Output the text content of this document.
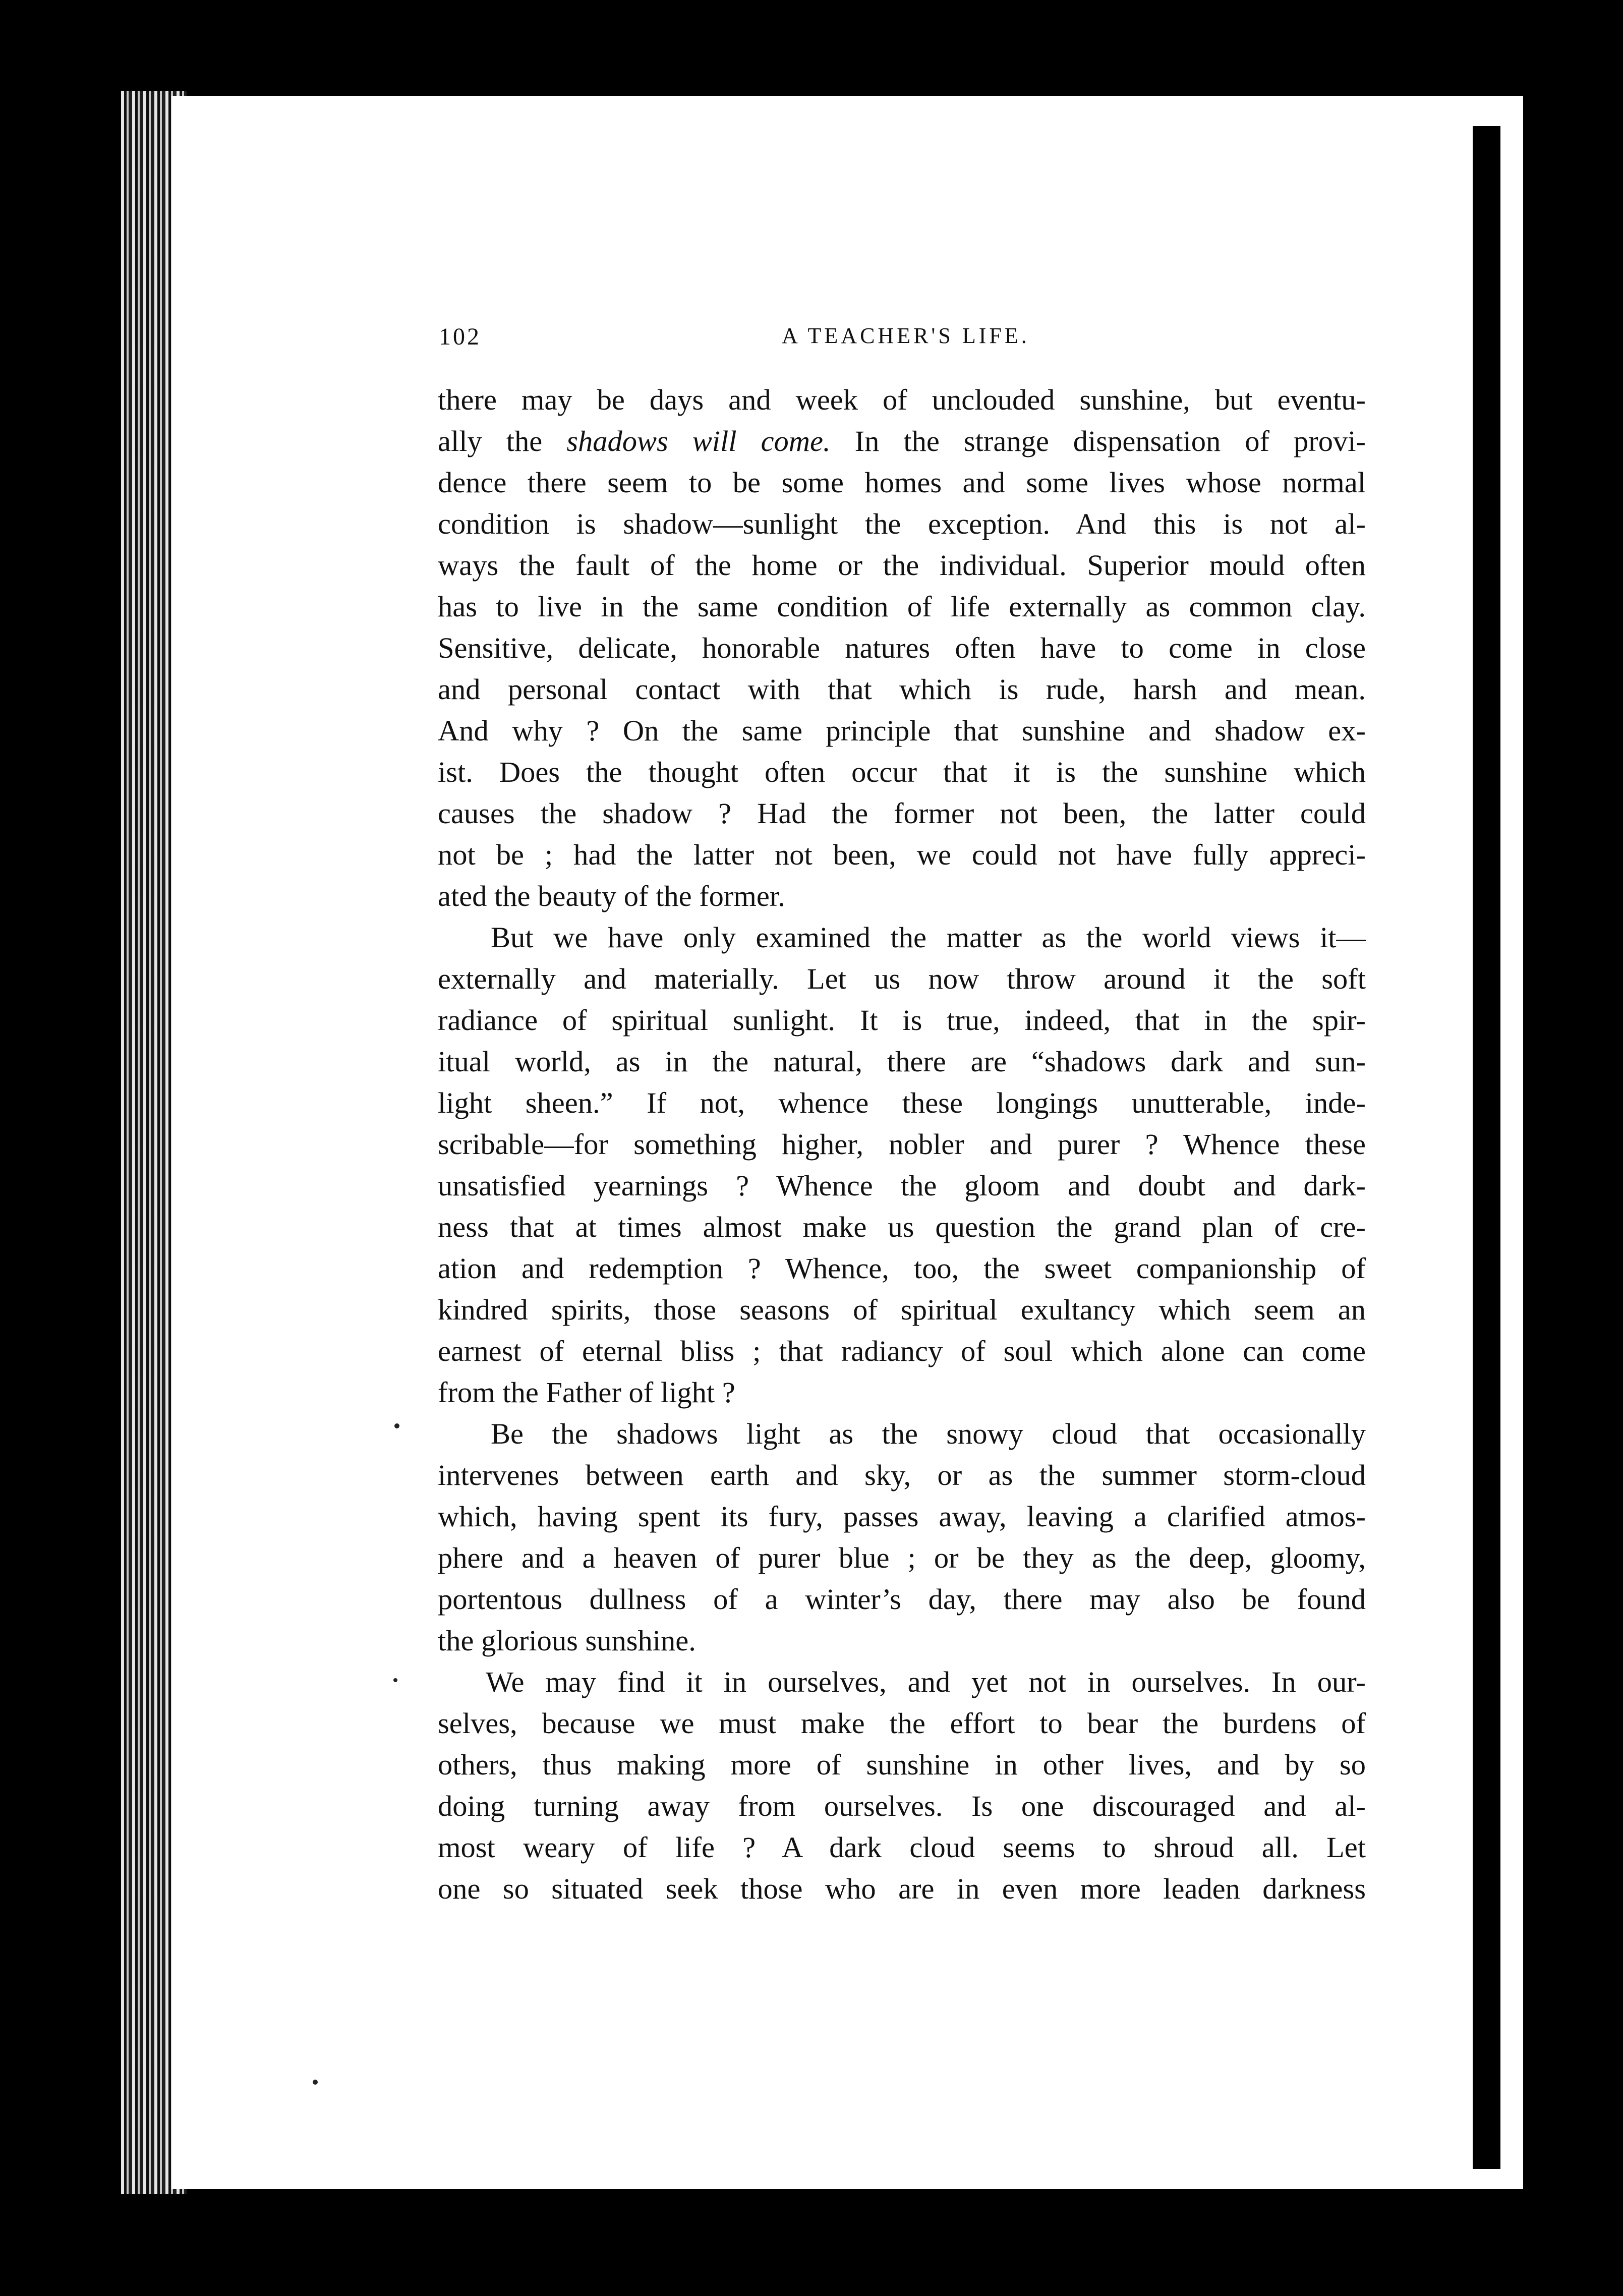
102	A TEACHER'S LIFE.
there may be days and week of unclouded sunshine, but eventu-
ally the shadows will come. In the strange dispensation of provi-
dence there seem to be some homes and some lives whose normal
condition is shadow—sunlight the exception. And this is not al-
ways the fault of the home or the individual. Superior mould often
has to live in the same condition of life externally as common clay.
Sensitive, delicate, honorable natures often have to come in close
and personal contact with that which is rude, harsh and mean.
And why ? On the same principle that sunshine and shadow ex-
ist. Does the thought often occur that it is the sunshine which
causes the shadow ? Had the former not been, the latter could
not be ; had the latter not been, we could not have fully appreci-
ated the beauty of the former.
But we have only examined the matter as the world views it—
externally and materially. Let us now throw around it the soft
radiance of spiritual sunlight. It is true, indeed, that in the spir-
itual world, as in the natural, there are “shadows dark and sun-
light sheen.” If not, whence these longings unutterable, inde-
scribable—for something higher, nobler and purer ? Whence these
unsatisfied yearnings ? Whence the gloom and doubt and dark-
ness that at times almost make us question the grand plan of cre-
ation and redemption ? Whence, too, the sweet companionship of
kindred spirits, those seasons of spiritual exultancy which seem an
earnest of eternal bliss ; that radiancy of soul which alone can come
from the Father of light ?
Be the shadows light as the snowy cloud that occasionally
intervenes between earth and sky, or as the summer storm-cloud
which, having spent its fury, passes away, leaving a clarified atmos-
phere and a heaven of purer blue ; or be they as the deep, gloomy,
portentous dullness of a winter’s day, there may also be found
the glorious sunshine.
We may find it in ourselves, and yet not in ourselves. In our-
selves, because we must make the effort to bear the burdens of
others, thus making more of sunshine in other lives, and by so
doing turning away from ourselves. Is one discouraged and al-
most weary of life ? A dark cloud seems to shroud all. Let
one so situated seek those who are in even more leaden darkness
